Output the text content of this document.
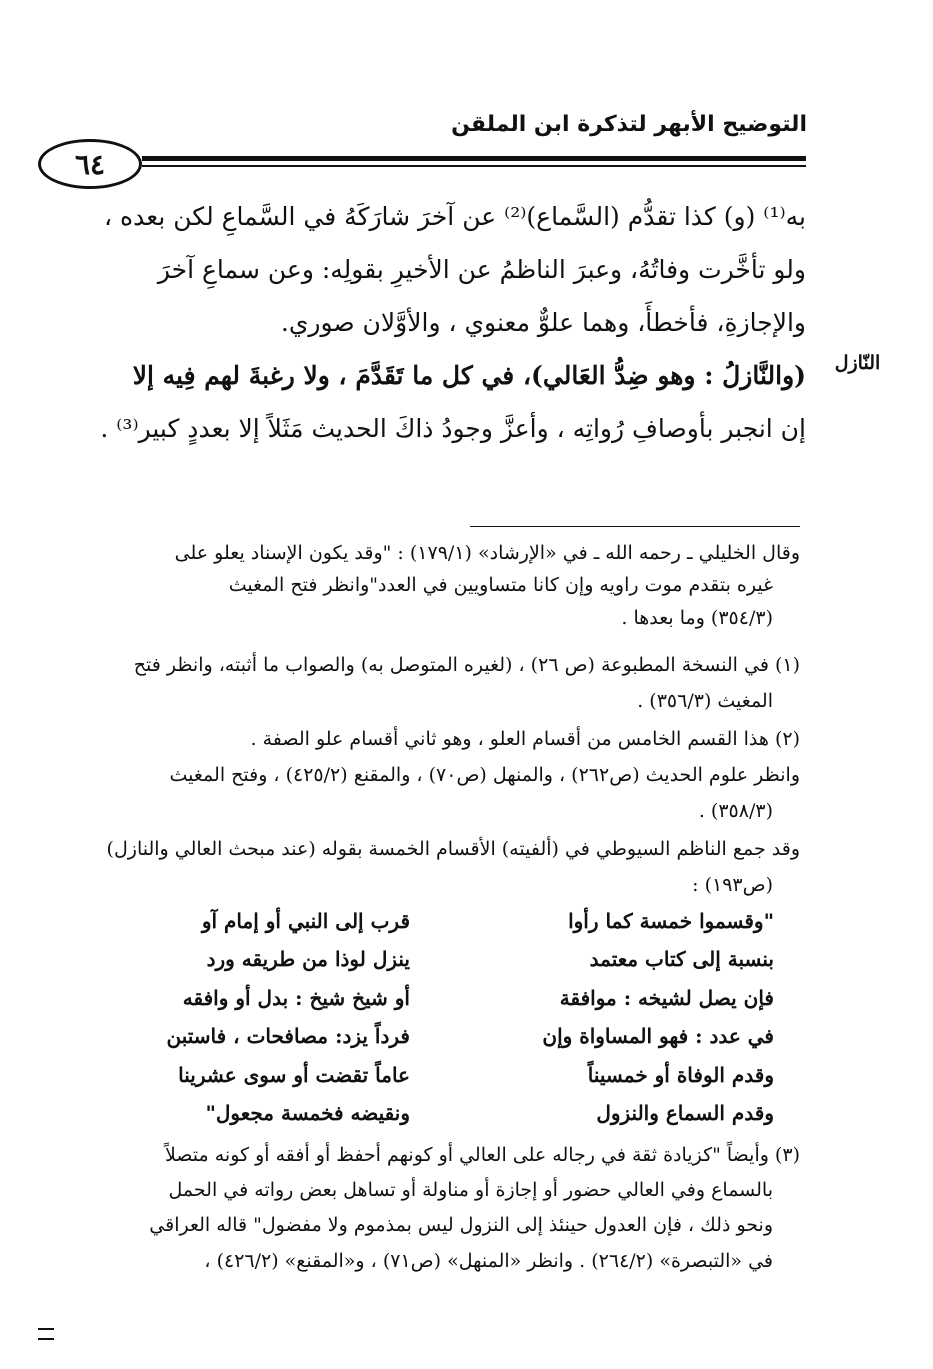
التوضيح الأبهر لتذكرة ابن الملقن
٦٤
النّازل

به⁽¹⁾ (و) كذا تقدُّم (السَّماع)⁽²⁾ عن آخرَ شارَكَهُ في السَّماعِ لكن بعده ،

ولو تأخَّرت وفاتُهُ، وعبرَ الناظمُ عن الأخيرِ بقولِه: وعن سماعِ آخرَ

والإجازةِ، فأخطأَ، وهما علوٌّ معنوي ، والأوَّلان صوري.

(والنَّازلُ : وهو ضِدُّ العَالي)، في كل ما تَقَدَّمَ ، ولا رغبةَ لهم فِيه إلا

إن انجبر بأوصافِ رُواتِه ، وأعزَّ وجودُ ذاكَ الحديث مَثَلاً إلا بعددٍ كبير⁽³⁾ .

وقال الخليلي ـ رحمه الله ـ في «الإرشاد» (١٧٩/١) : "وقد يكون الإسناد يعلو على
غيره بتقدم موت راويه وإن كانا متساويين في العدد"وانظر فتح المغيث
(٣٥٤/٣) وما بعدها .
(١) في النسخة المطبوعة (ص ٢٦) ، (لغيره المتوصل به) والصواب ما أثبته، وانظر فتح
المغيث (٣٥٦/٣) .
(٢) هذا القسم الخامس من أقسام العلو ، وهو ثاني أقسام علو الصفة .
وانظر علوم الحديث (ص٢٦٢) ، والمنهل (ص٧٠) ، والمقنع (٤٢٥/٢) ، وفتح المغيث
(٣٥٨/٣) .
وقد جمع الناظم السيوطي في (ألفيته) الأقسام الخمسة بقوله (عند مبحث العالي والنازل)
(ص١٩٣) :
"وقسموا خمسة كما رأوا
قرب إلى النبي أو إمام آو
بنسبة إلى كتاب معتمد
ينزل لوذا من طريقه ورد
فإن يصل لشيخه : موافقة
أو شيخ شيخ : بدل أو وافقه
في عدد : فهو المساواة وإن
فرداً يزد: مصافحات ، فاستبن
وقدم الوفاة أو خمسيناً
عاماً تقضت أو سوى عشرينا
وقدم السماع والنزول
ونقيضه فخمسة مجعول"
(٣) وأيضاً "كزيادة ثقة في رجاله على العالي أو كونهم أحفظ أو أفقه أو كونه متصلاً
بالسماع وفي العالي حضور أو إجازة أو مناولة أو تساهل بعض رواته في الحمل
ونحو ذلك ، فإن العدول حينئذ إلى النزول ليس بمذموم ولا مفضول" قاله العراقي
في «التبصرة» (٢٦٤/٢) . وانظر «المنهل» (ص٧١) ، و«المقنع» (٤٢٦/٢) ،
